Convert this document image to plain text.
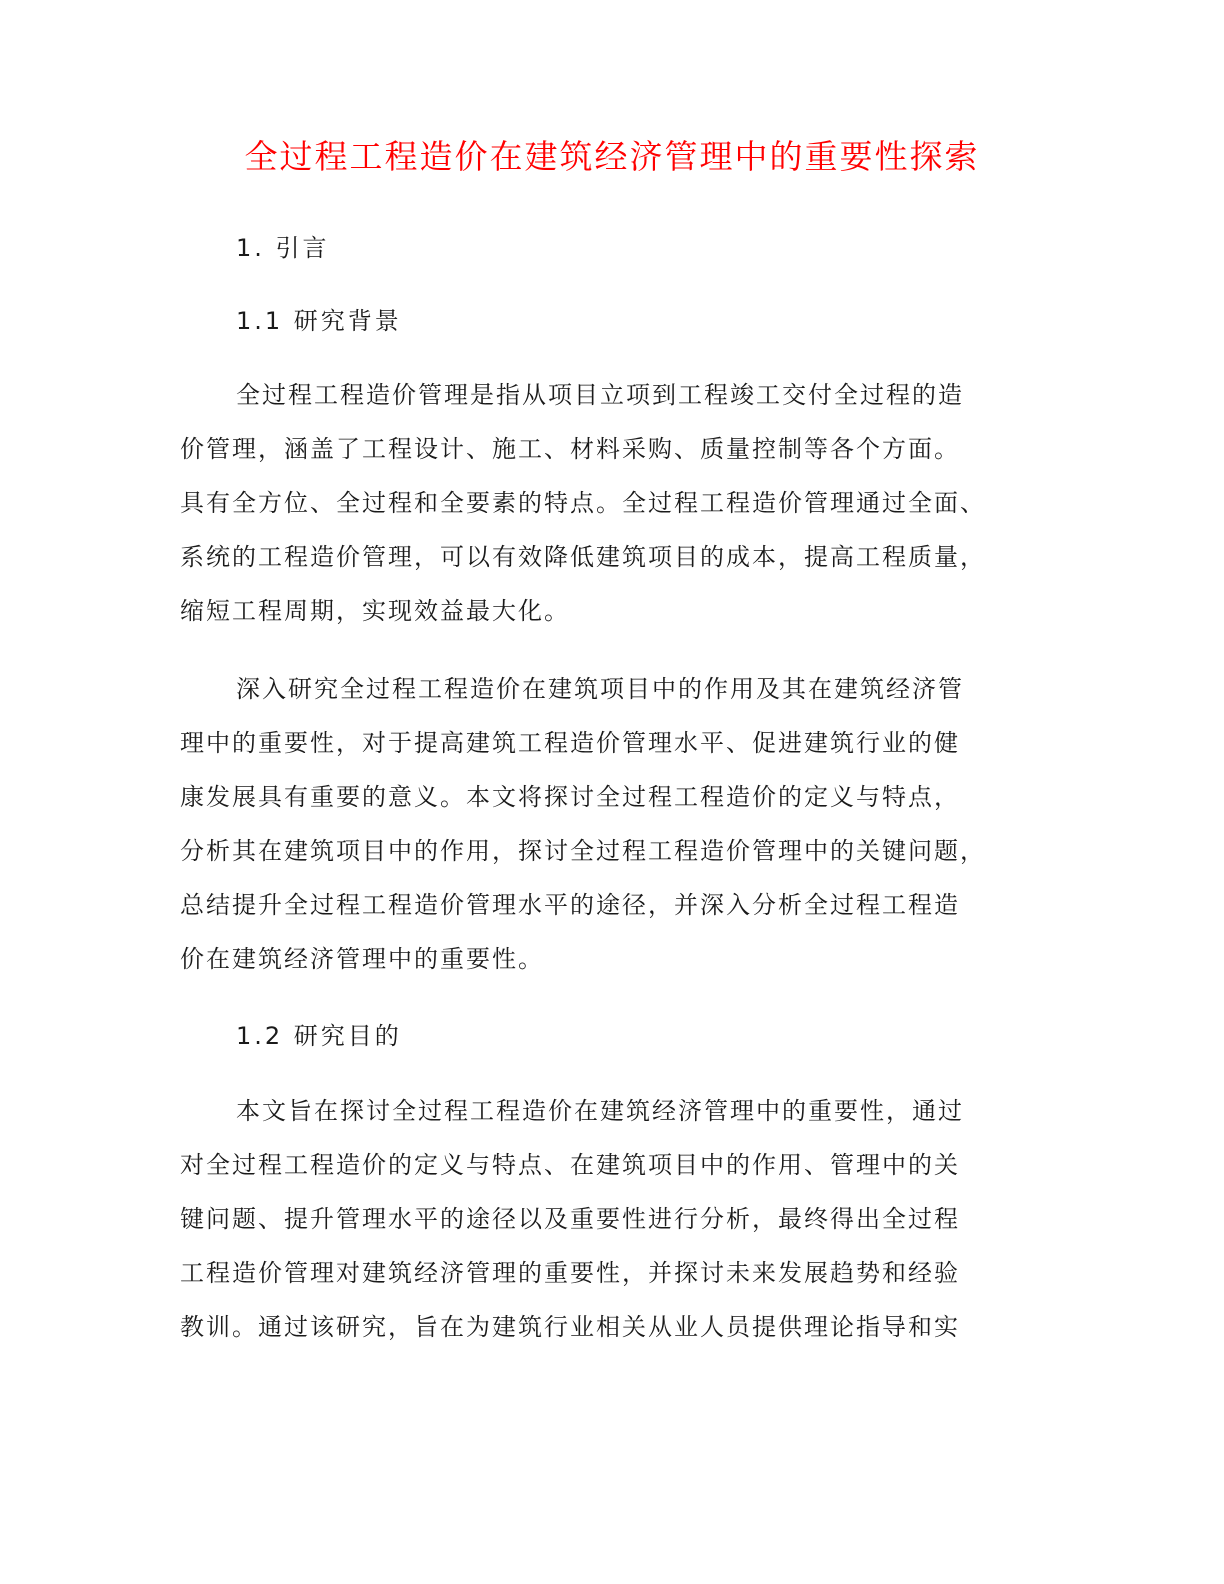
全过程工程造价在建筑经济管理中的重要性探索
1. 引言
1.1 研究背景
全过程工程造价管理是指从项目立项到工程竣工交付全过程的造
价管理，涵盖了工程设计、施工、材料采购、质量控制等各个方面。
具有全方位、全过程和全要素的特点。全过程工程造价管理通过全面、
系统的工程造价管理，可以有效降低建筑项目的成本，提高工程质量，
缩短工程周期，实现效益最大化。
深入研究全过程工程造价在建筑项目中的作用及其在建筑经济管
理中的重要性，对于提高建筑工程造价管理水平、促进建筑行业的健
康发展具有重要的意义。本文将探讨全过程工程造价的定义与特点，
分析其在建筑项目中的作用，探讨全过程工程造价管理中的关键问题，
总结提升全过程工程造价管理水平的途径，并深入分析全过程工程造
价在建筑经济管理中的重要性。
1.2 研究目的
本文旨在探讨全过程工程造价在建筑经济管理中的重要性，通过
对全过程工程造价的定义与特点、在建筑项目中的作用、管理中的关
键问题、提升管理水平的途径以及重要性进行分析，最终得出全过程
工程造价管理对建筑经济管理的重要性，并探讨未来发展趋势和经验
教训。通过该研究，旨在为建筑行业相关从业人员提供理论指导和实
